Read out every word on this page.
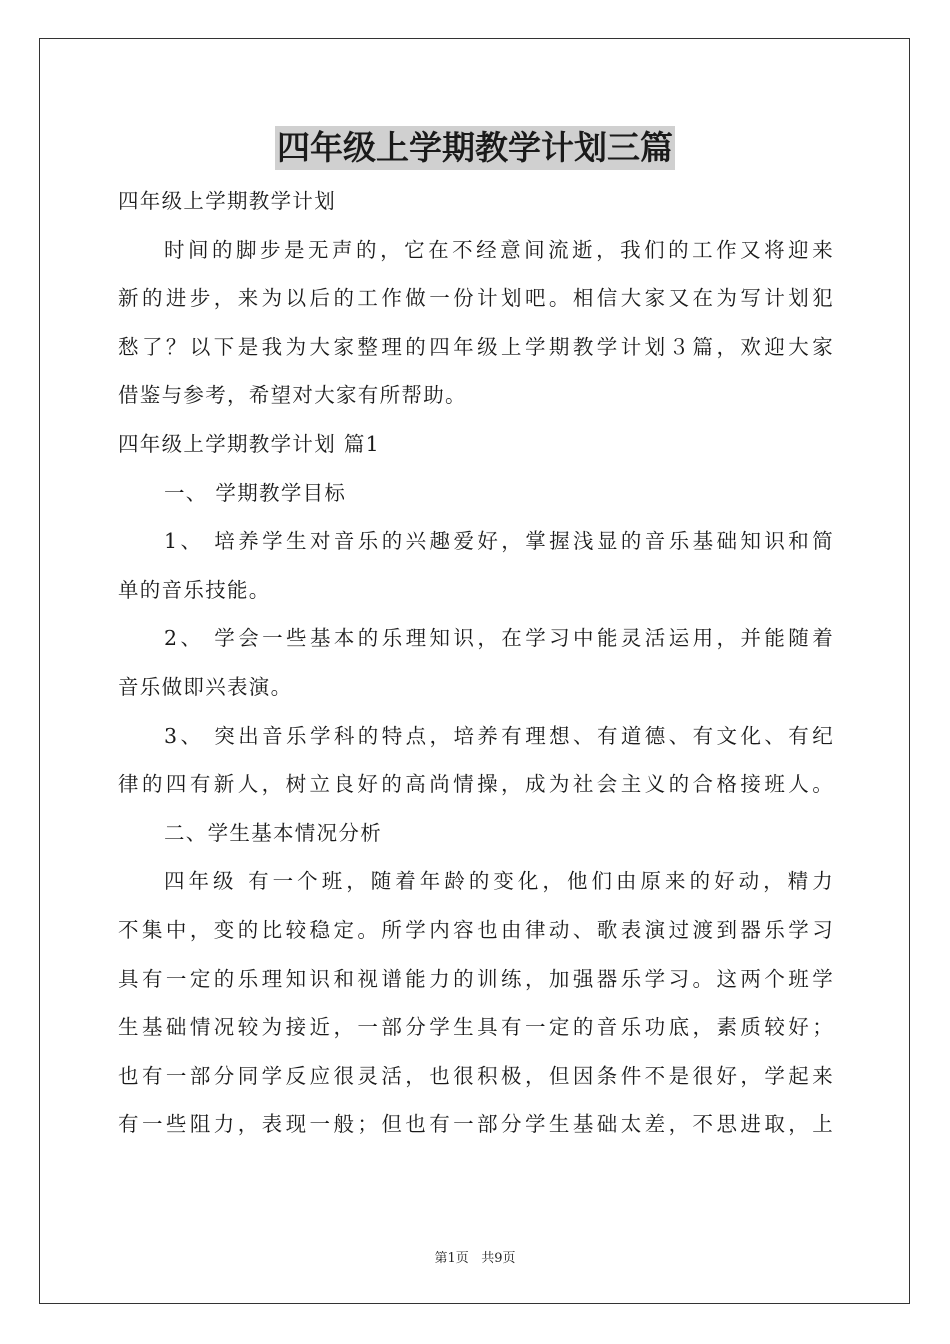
四年级上学期教学计划三篇
四年级上学期教学计划
时间的脚步是无声的，它在不经意间流逝，我们的工作又将迎来
新的进步，来为以后的工作做一份计划吧。相信大家又在为写计划犯
愁了？以下是我为大家整理的四年级上学期教学计划３篇，欢迎大家
借鉴与参考，希望对大家有所帮助。
四年级上学期教学计划 篇1
一、 学期教学目标
1、 培养学生对音乐的兴趣爱好，掌握浅显的音乐基础知识和简
单的音乐技能。
2、 学会一些基本的乐理知识，在学习中能灵活运用，并能随着
音乐做即兴表演。
3、 突出音乐学科的特点，培养有理想、有道德、有文化、有纪
律的四有新人，树立良好的高尚情操，成为社会主义的合格接班人。
二、学生基本情况分析
四年级 有一个班，随着年龄的变化，他们由原来的好动，精力
不集中，变的比较稳定。所学内容也由律动、歌表演过渡到器乐学习
具有一定的乐理知识和视谱能力的训练，加强器乐学习。这两个班学
生基础情况较为接近，一部分学生具有一定的音乐功底，素质较好；
也有一部分同学反应很灵活，也很积极，但因条件不是很好，学起来
有一些阻力，表现一般；但也有一部分学生基础太差，不思进取，上
第1页 共9页
